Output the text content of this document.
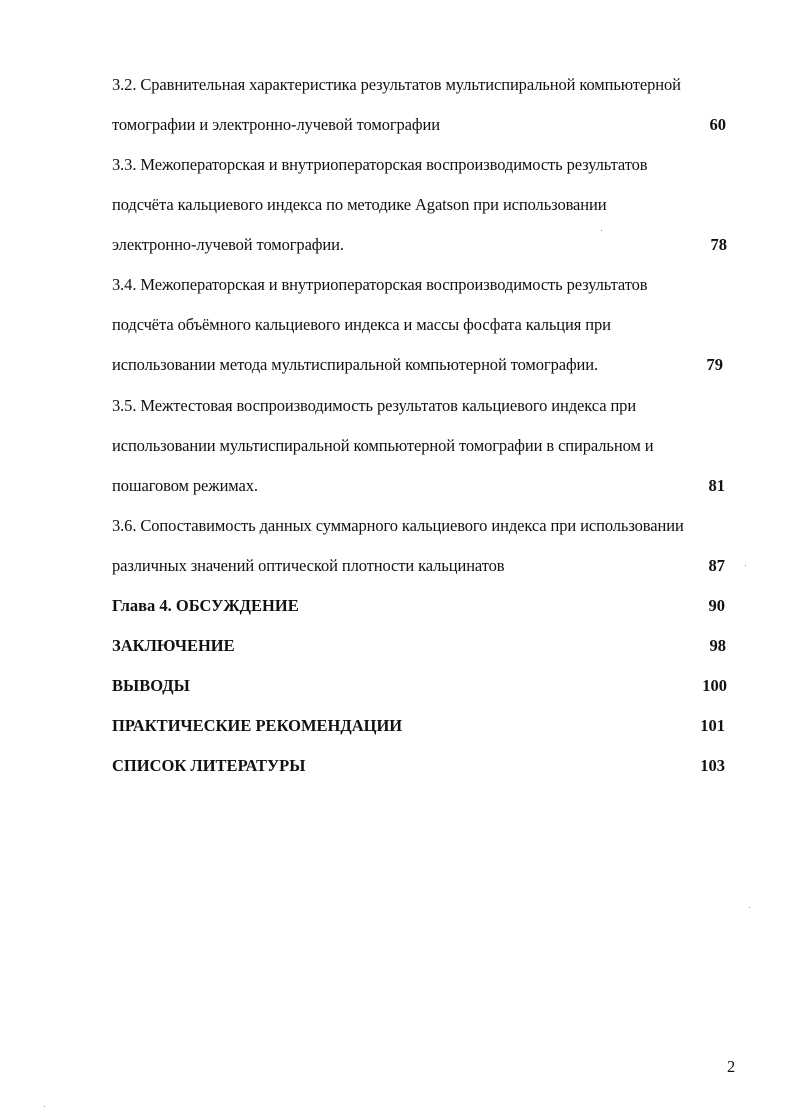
3.2. Сравнительная характеристика результатов мультиспиральной компьютерной
томографии и электронно-лучевой томографии	60
3.3. Межоператорская и внутриоператорская воспроизводимость результатов
подсчёта кальциевого индекса по методике Agatson при использовании
электронно-лучевой томографии.	78
3.4. Межоператорская и внутриоператорская воспроизводимость результатов
подсчёта объёмного кальциевого индекса и массы фосфата кальция при
использовании метода мультиспиральной компьютерной томографии.	79
3.5. Межтестовая воспроизводимость результатов кальциевого индекса при
использовании мультиспиральной компьютерной томографии в спиральном и
пошаговом режимах.	81
3.6. Сопоставимость данных суммарного кальциевого индекса при использовании
различных значений оптической плотности кальцинатов	87
Глава 4. ОБСУЖДЕНИЕ	90
ЗАКЛЮЧЕНИЕ	98
ВЫВОДЫ	100
ПРАКТИЧЕСКИЕ РЕКОМЕНДАЦИИ	101
СПИСОК ЛИТЕРАТУРЫ	103
2
